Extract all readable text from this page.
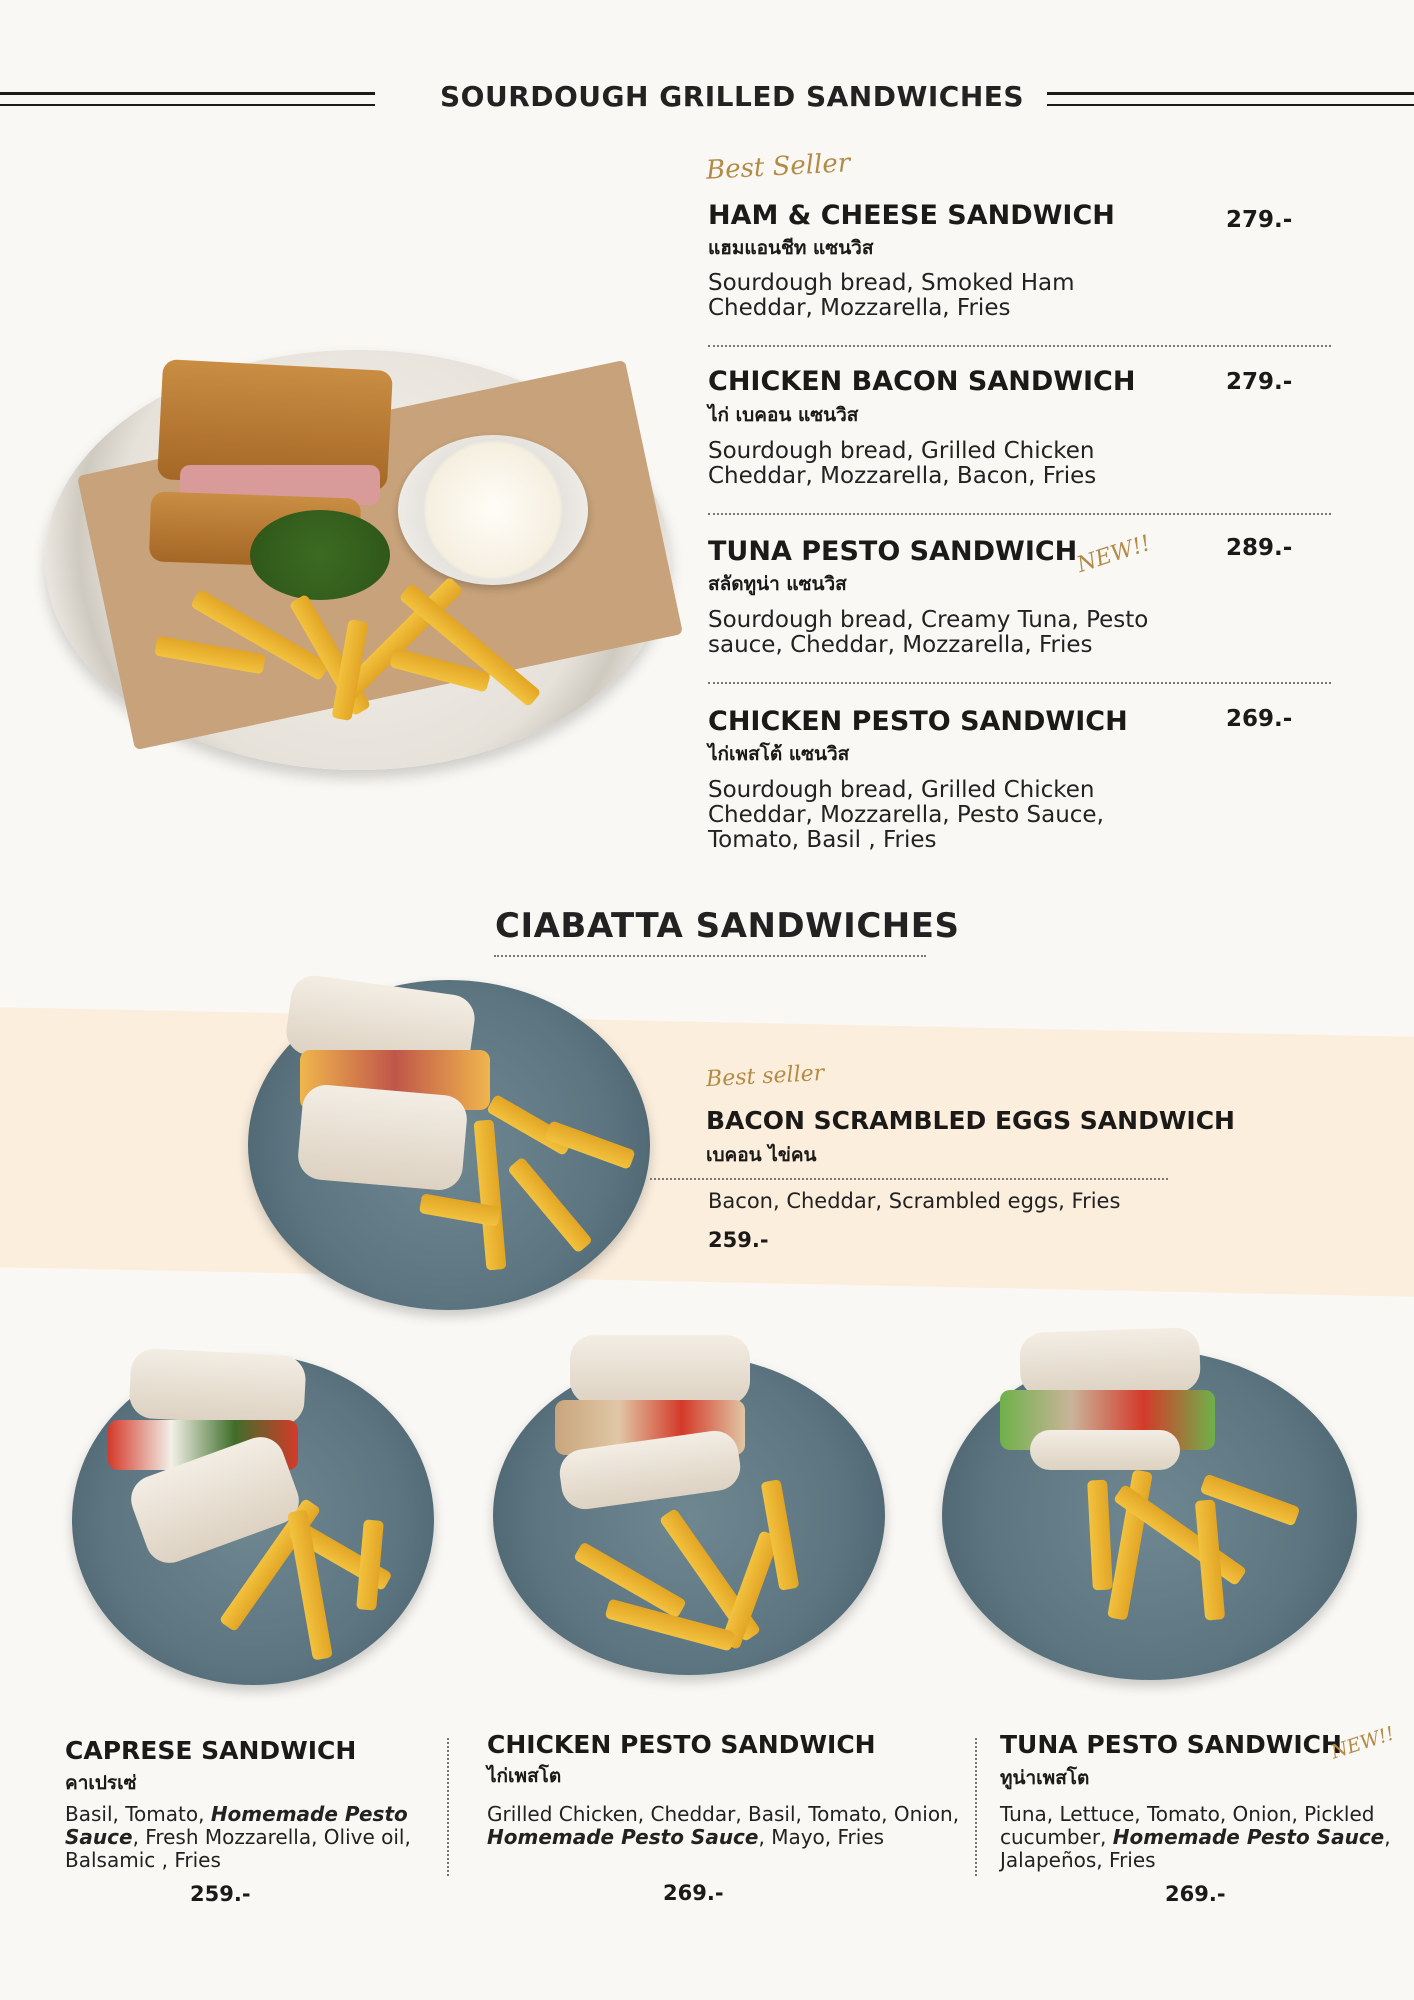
SOURDOUGH GRILLED SANDWICHES
Best Seller
HAM & CHEESE SANDWICH	279.-
แฮมแอนชีท แซนวิส
Sourdough bread, Smoked Ham
Cheddar, Mozzarella, Fries
CHICKEN BACON SANDWICH	279.-
ไก่ เบคอน แซนวิส
Sourdough bread, Grilled Chicken
Cheddar, Mozzarella, Bacon, Fries
TUNA PESTO SANDWICH
NEW!!	289.-
สลัดทูน่า แซนวิส
Sourdough bread, Creamy Tuna, Pesto
sauce, Cheddar, Mozzarella, Fries
CHICKEN PESTO SANDWICH	269.-
ไก่เพสโต้ แซนวิส
Sourdough bread, Grilled Chicken
Cheddar, Mozzarella, Pesto Sauce,
Tomato, Basil , Fries
CIABATTA SANDWICHES
Best seller
BACON SCRAMBLED EGGS SANDWICH
เบคอน ไข่คน
Bacon, Cheddar, Scrambled eggs, Fries
259.-
CAPRESE SANDWICH
คาเปรเซ่
Basil, Tomato, Homemade Pesto
Sauce, Fresh Mozzarella, Olive oil,
Balsamic , Fries
259.-
CHICKEN PESTO SANDWICH
ไก่เพสโต
Grilled Chicken, Cheddar, Basil, Tomato, Onion,
Homemade Pesto Sauce, Mayo, Fries
269.-
TUNA PESTO SANDWICH
NEW!!
ทูน่าเพสโต
Tuna, Lettuce, Tomato, Onion, Pickled
cucumber, Homemade Pesto Sauce,
Jalapeños, Fries
269.-
